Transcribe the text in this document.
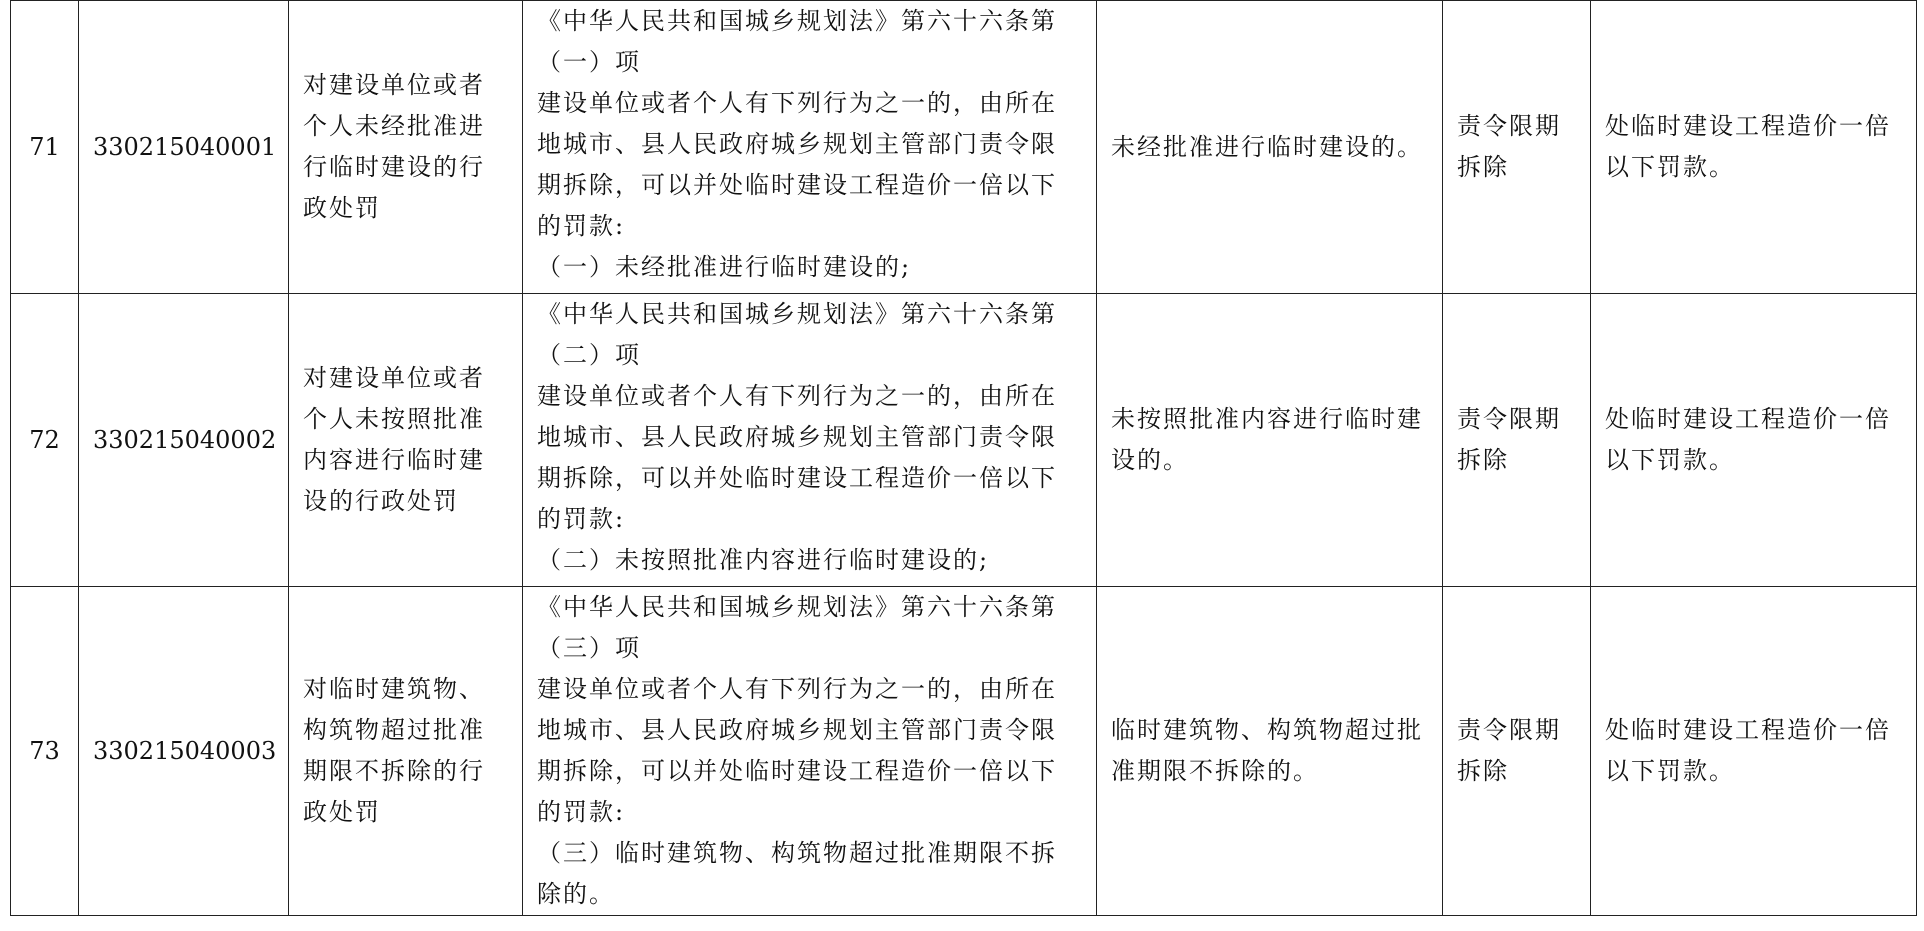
71	330215040001	对建设单位或者个人未经批准进行临时建设的行政处罚	《中华人民共和国城乡规划法》第六十六条第（一）项
建设单位或者个人有下列行为之一的，由所在地城市、县人民政府城乡规划主管部门责令限期拆除，可以并处临时建设工程造价一倍以下的罚款:
（一）未经批准进行临时建设的;	未经批准进行临时建设的。	责令限期拆除	处临时建设工程造价一倍以下罚款。
72	330215040002	对建设单位或者个人未按照批准内容进行临时建设的行政处罚	《中华人民共和国城乡规划法》第六十六条第（二）项
建设单位或者个人有下列行为之一的，由所在地城市、县人民政府城乡规划主管部门责令限期拆除，可以并处临时建设工程造价一倍以下的罚款:
（二）未按照批准内容进行临时建设的;	未按照批准内容进行临时建设的。	责令限期拆除	处临时建设工程造价一倍以下罚款。
73	330215040003	对临时建筑物、构筑物超过批准期限不拆除的行政处罚	《中华人民共和国城乡规划法》第六十六条第（三）项
建设单位或者个人有下列行为之一的，由所在地城市、县人民政府城乡规划主管部门责令限期拆除，可以并处临时建设工程造价一倍以下的罚款:
（三）临时建筑物、构筑物超过批准期限不拆除的。	临时建筑物、构筑物超过批准期限不拆除的。	责令限期拆除	处临时建设工程造价一倍以下罚款。
